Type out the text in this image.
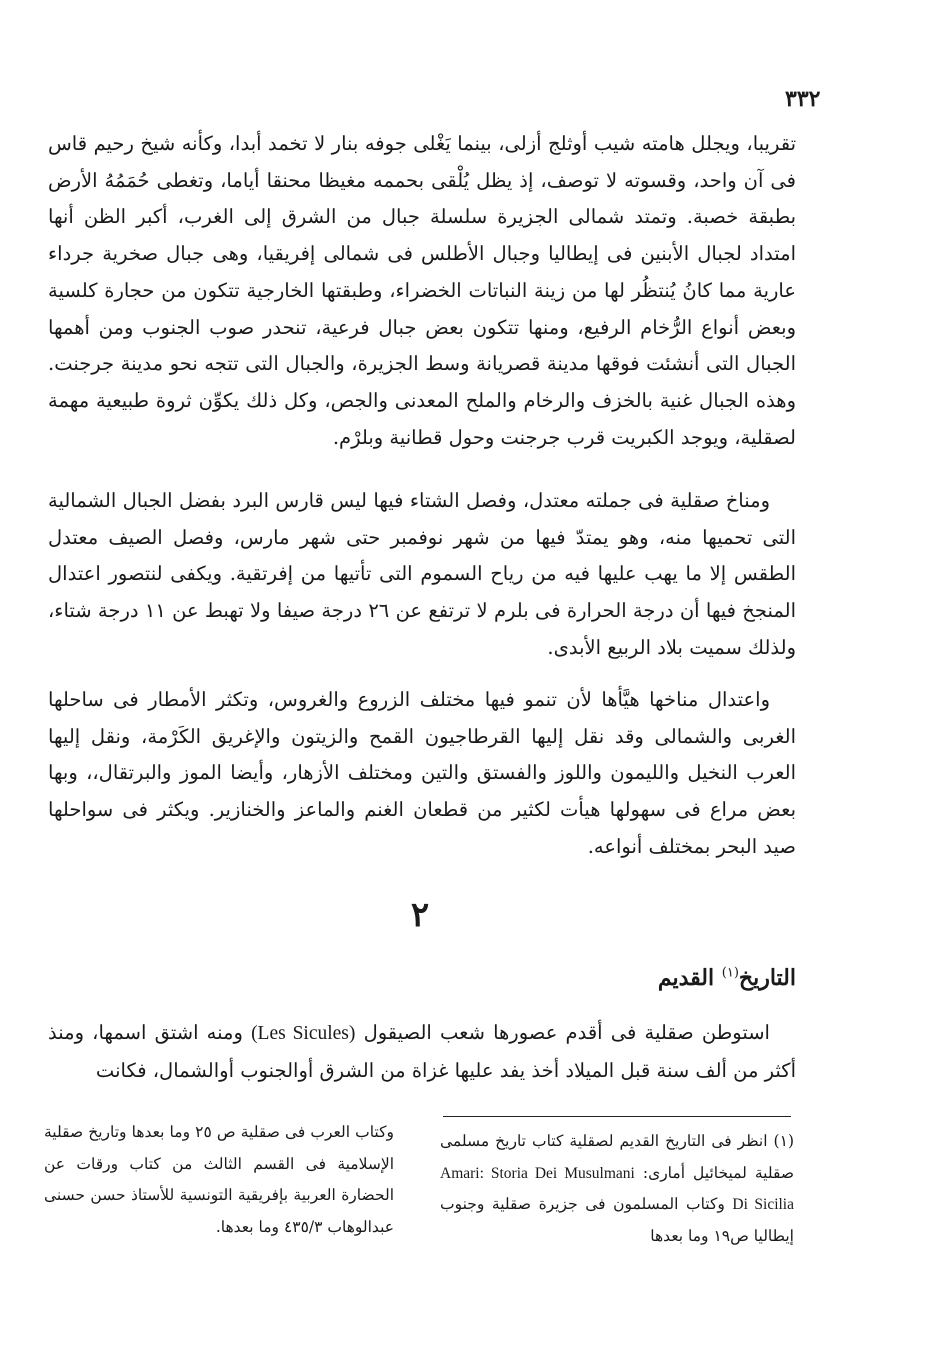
٣٣٢

تقريبا، ويجلل هامته شيب أوثلج أزلى، بينما يَغْلى جوفه بنار لا تخمد أبدا، وكأنه شيخ رحيم قاس فى آن واحد، وقسوته لا توصف، إذ يظل يُلْقى بحممه مغيظا محنقا أياما، وتغطى حُمَمُهُ الأرض بطبقة خصبة. وتمتد شمالى الجزيرة سلسلة جبال من الشرق إلى الغرب، أكبر الظن أنها امتداد لجبال الأبنين فى إيطاليا وجبال الأطلس فى شمالى إفريقيا، وهى جبال صخرية جرداء عارية مما كانُ يُنتظُر لها من زينة النباتات الخضراء، وطبقتها الخارجية تتكون من حجارة كلسية وبعض أنواع الرُّخام الرفيع، ومنها تتكون بعض جبال فرعية، تنحدر صوب الجنوب ومن أهمها الجبال التى أنشئت فوقها مدينة قصريانة وسط الجزيرة، والجبال التى تتجه نحو مدينة جرجنت. وهذه الجبال غنية بالخزف والرخام والملح المعدنى والجص، وكل ذلك يكوِّن ثروة طبيعية مهمة لصقلية، ويوجد الكبريت قرب جرجنت وحول قطانية وبلرْم.

ومناخ صقلية فى جملته معتدل، وفصل الشتاء فيها ليس قارس البرد بفضل الجبال الشمالية التى تحميها منه، وهو يمتدّ فيها من شهر نوفمبر حتى شهر مارس، وفصل الصيف معتدل الطقس إلا ما يهب عليها فيه من رياح السموم التى تأتيها من إفرتقية. ويكفى لنتصور اعتدال المنجخ فيها أن درجة الحرارة فى بلرم لا ترتفع عن ٢٦ درجة صيفا ولا تهبط عن ١١ درجة شتاء، ولذلك سميت بلاد الربيع الأبدى.

واعتدال مناخها هيَّأها لأن تنمو فيها مختلف الزروع والغروس، وتكثر الأمطار فى ساحلها الغربى والشمالى وقد نقل إليها القرطاجيون القمح والزيتون والإغريق الكَرْمة، ونقل إليها العرب النخيل والليمون واللوز والفستق والتين ومختلف الأزهار، وأيضا الموز والبرتقال،، وبها بعض مراع فى سهولها هيأت لكثير من قطعان الغنم والماعز والخنازير. ويكثر فى سواحلها صيد البحر بمختلف أنواعه.

٢
التاريخ$^{(١)}$ القديم

استوطن صقلية فى أقدم عصورها شعب الصيقول (Les Sicules) ومنه اشتق اسمها، ومنذ أكثر من ألف سنة قبل الميلاد أخذ يفد عليها غزاة من الشرق أوالجنوب أوالشمال، فكانت

(١) انظر فى التاريخ القديم لصقلية كتاب تاريخ مسلمى صقلية لميخائيل أمارى: Amari: Storia Dei Musulmani Di Sicilia وكتاب المسلمون فى جزيرة صقلية وجنوب إيطاليا ص١٩ وما بعدها
وكتاب العرب فى صقلية ص ٢٥ وما بعدها وتاريخ صقلية الإسلامية فى القسم الثالث من كتاب ورقات عن الحضارة العربية بإفريقية التونسية للأستاذ حسن حسنى عبدالوهاب ٤٣٥/٣ وما بعدها.
